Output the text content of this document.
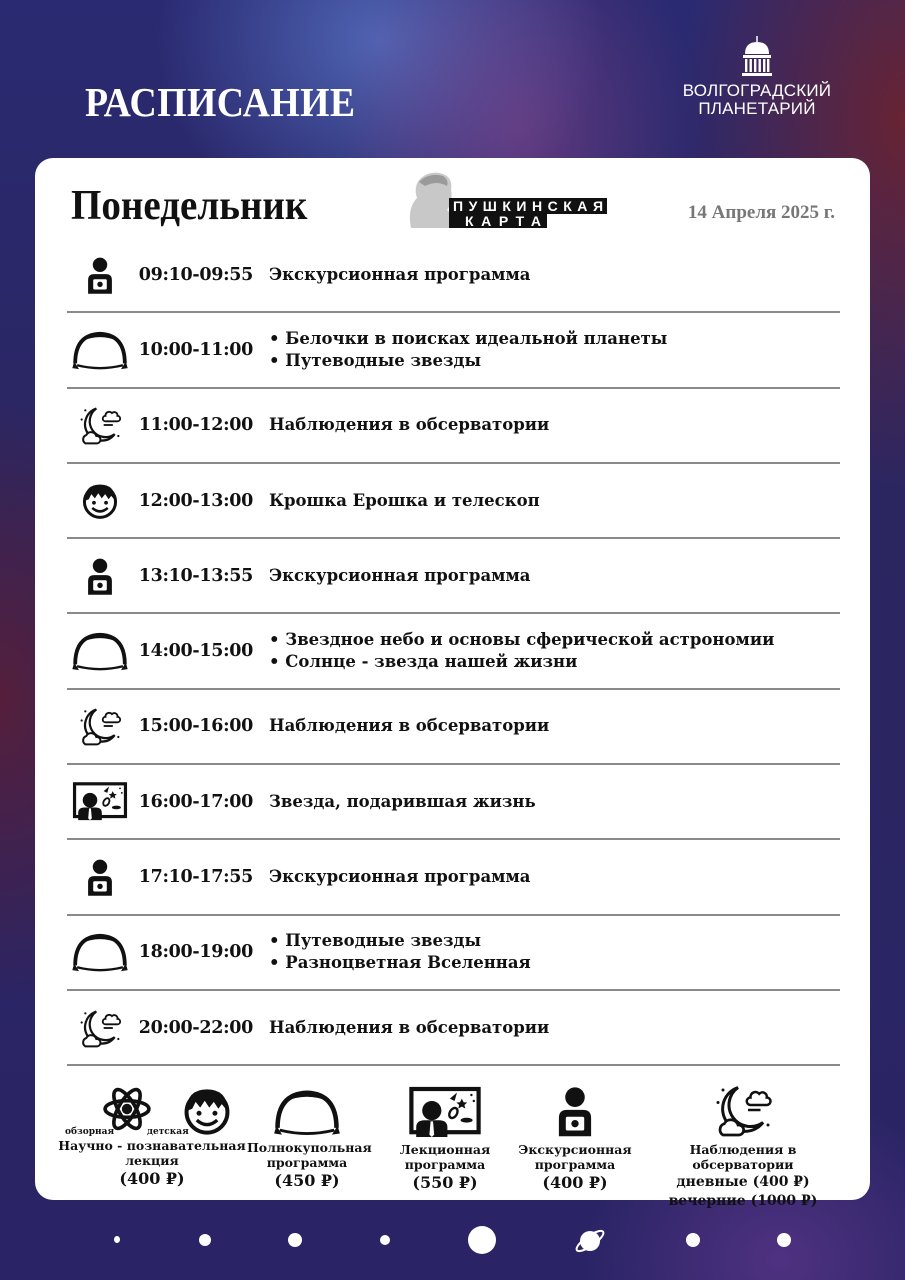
РАСПИСАНИЕ	ВОЛГОГРАДСКИЙ
ПЛАНЕТАРИЙ
Понедельник	ПУШКИНСКАЯ
КАРТА	14 Апреля 2025 г.
09:10-09:55 Экскурсионная программа
10:00-11:00
• Белочки в поисках идеальной планеты
• Путеводные звезды
11:00-12:00 Наблюдения в обсерватории
12:00-13:00 Крошка Ерошка и телескоп
13:10-13:55 Экскурсионная программа
14:00-15:00
• Звездное небо и основы сферической астрономии
• Солнце - звезда нашей жизни
15:00-16:00 Наблюдения в обсерватории
16:00-17:00 Звезда, подарившая жизнь
17:10-17:55 Экскурсионная программа
18:00-19:00
• Путеводные звезды
• Разноцветная Вселенная
20:00-22:00 Наблюдения в обсерватории
обзорная	детская
Научно - познавательная
лекция
(400 ₽)
Полнокупольная
программа
(450 ₽)
Лекционная
программа
(550 ₽)
Экскурсионная
программа
(400 ₽)
Наблюдения в обсерватории
дневные (400 ₽)
вечерние (1000 ₽)
